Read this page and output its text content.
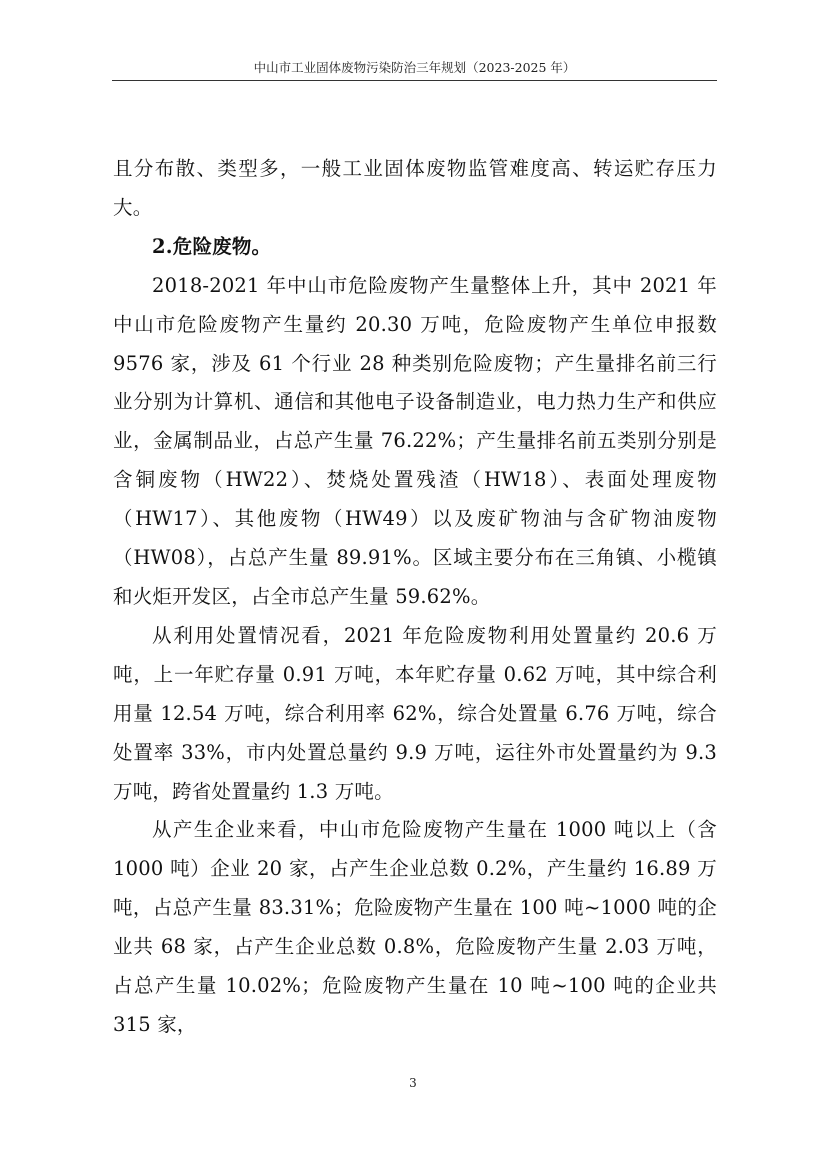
中山市工业固体废物污染防治三年规划（2023-2025 年）

且分布散、类型多，一般工业固体废物监管难度高、转运贮存压力大。

2.危险废物。

2018-2021 年中山市危险废物产生量整体上升，其中 2021 年中山市危险废物产生量约 20.30 万吨，危险废物产生单位申报数 9576 家，涉及 61 个行业 28 种类别危险废物；产生量排名前三行业分别为计算机、通信和其他电子设备制造业，电力热力生产和供应业，金属制品业，占总产生量 76.22%；产生量排名前五类别分别是含铜废物（HW22）、焚烧处置残渣（HW18）、表面处理废物（HW17）、其他废物（HW49）以及废矿物油与含矿物油废物（HW08），占总产生量 89.91%。区域主要分布在三角镇、小榄镇和火炬开发区，占全市总产生量 59.62%。

从利用处置情况看，2021 年危险废物利用处置量约 20.6 万吨，上一年贮存量 0.91 万吨，本年贮存量 0.62 万吨，其中综合利用量 12.54 万吨，综合利用率 62%，综合处置量 6.76 万吨，综合处置率 33%，市内处置总量约 9.9 万吨，运往外市处置量约为 9.3 万吨，跨省处置量约 1.3 万吨。

从产生企业来看，中山市危险废物产生量在 1000 吨以上（含 1000 吨）企业 20 家，占产生企业总数 0.2%，产生量约 16.89 万吨，占总产生量 83.31%；危险废物产生量在 100 吨~1000 吨的企业共 68 家，占产生企业总数 0.8%，危险废物产生量 2.03 万吨，占总产生量 10.02%；危险废物产生量在 10 吨~100 吨的企业共 315 家，

3
